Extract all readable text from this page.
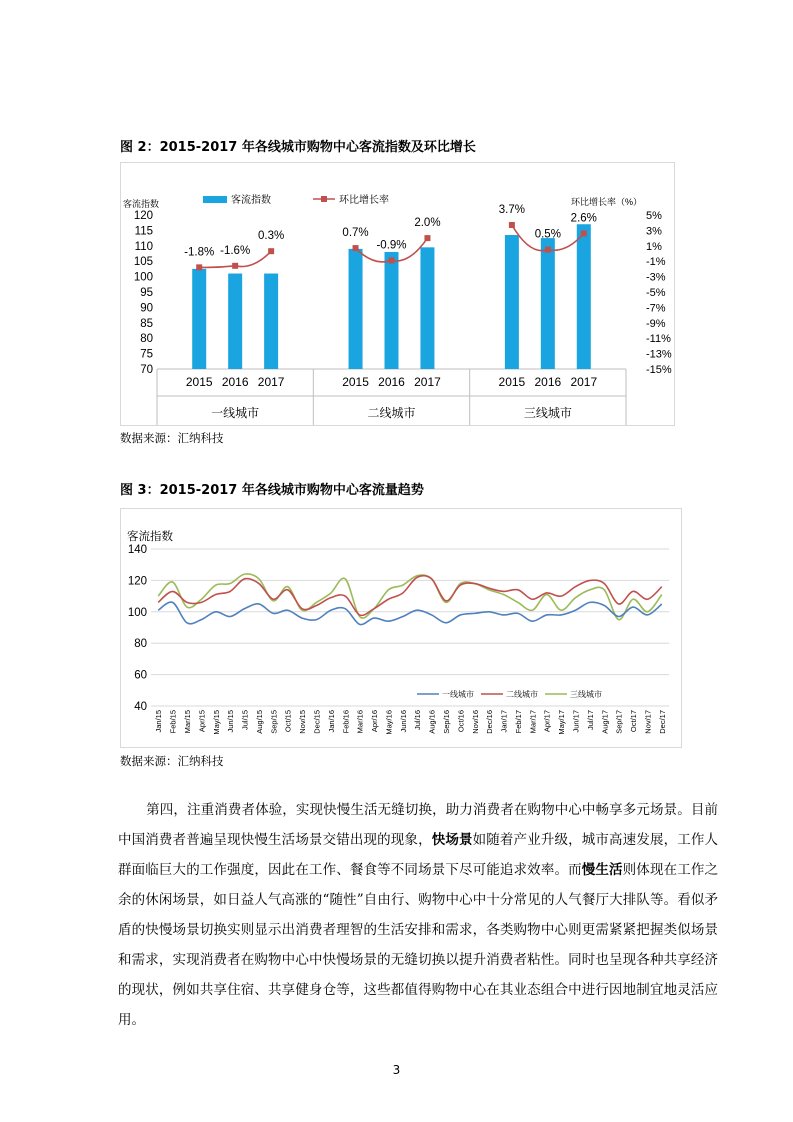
图 2：2015-2017 年各线城市购物中心客流指数及环比增长
客流指数	环比增长率（%）
70
75
80
85
90
95
100
105
110
115
120	5%
3%
1%
-1%
-3%
-5%
-7%
-9%
-11%
-13%
-15%
客流指数	环比增长率
一线城市	二线城市	三线城市
2015 2016 2017	2015 2016 2017	2015 2016 2017
-1.8% -1.6%
0.3%	0.7%
-0.9%
2.0%
3.7%
0.5%
2.6%
数据来源：汇纳科技
图 3：2015-2017 年各线城市购物中心客流量趋势
客流指数
40
60
80
100
120
140
Jan/15 Feb/15 Mar/15 Apr/15 May/15 Jun/15 Jul/15 Aug/15 Sep/15 Oct/15 Nov/15 Dec/15 Jan/16 Feb/16 Mar/16 Apr/16 May/16 Jun/16 Jul/16 Aug/16 Sep/16 Oct/16 Nov/16 Dec/16 Jan/17 Feb/17 Mar/17 Apr/17 May/17 Jun/17 Jul/17 Aug/17 Sep/17 Oct/17 Nov/17 Dec/17
一线城市	二线城市	三线城市
数据来源：汇纳科技
第四，注重消费者体验，实现快慢生活无缝切换，助力消费者在购物中心中畅享多元场景。目前中国消费者普遍呈现快慢生活场景交错出现的现象，快场景如随着产业升级，城市高速发展，工作人群面临巨大的工作强度，因此在工作、餐食等不同场景下尽可能追求效率。而慢生活则体现在工作之余的休闲场景，如日益人气高涨的“随性”自由行、购物中心中十分常见的人气餐厅大排队等。看似矛盾的快慢场景切换实则显示出消费者理智的生活安排和需求，各类购物中心则更需紧紧把握类似场景和需求，实现消费者在购物中心中快慢场景的无缝切换以提升消费者粘性。同时也呈现各种共享经济的现状，例如共享住宿、共享健身仓等，这些都值得购物中心在其业态组合中进行因地制宜地灵活应用。
3
